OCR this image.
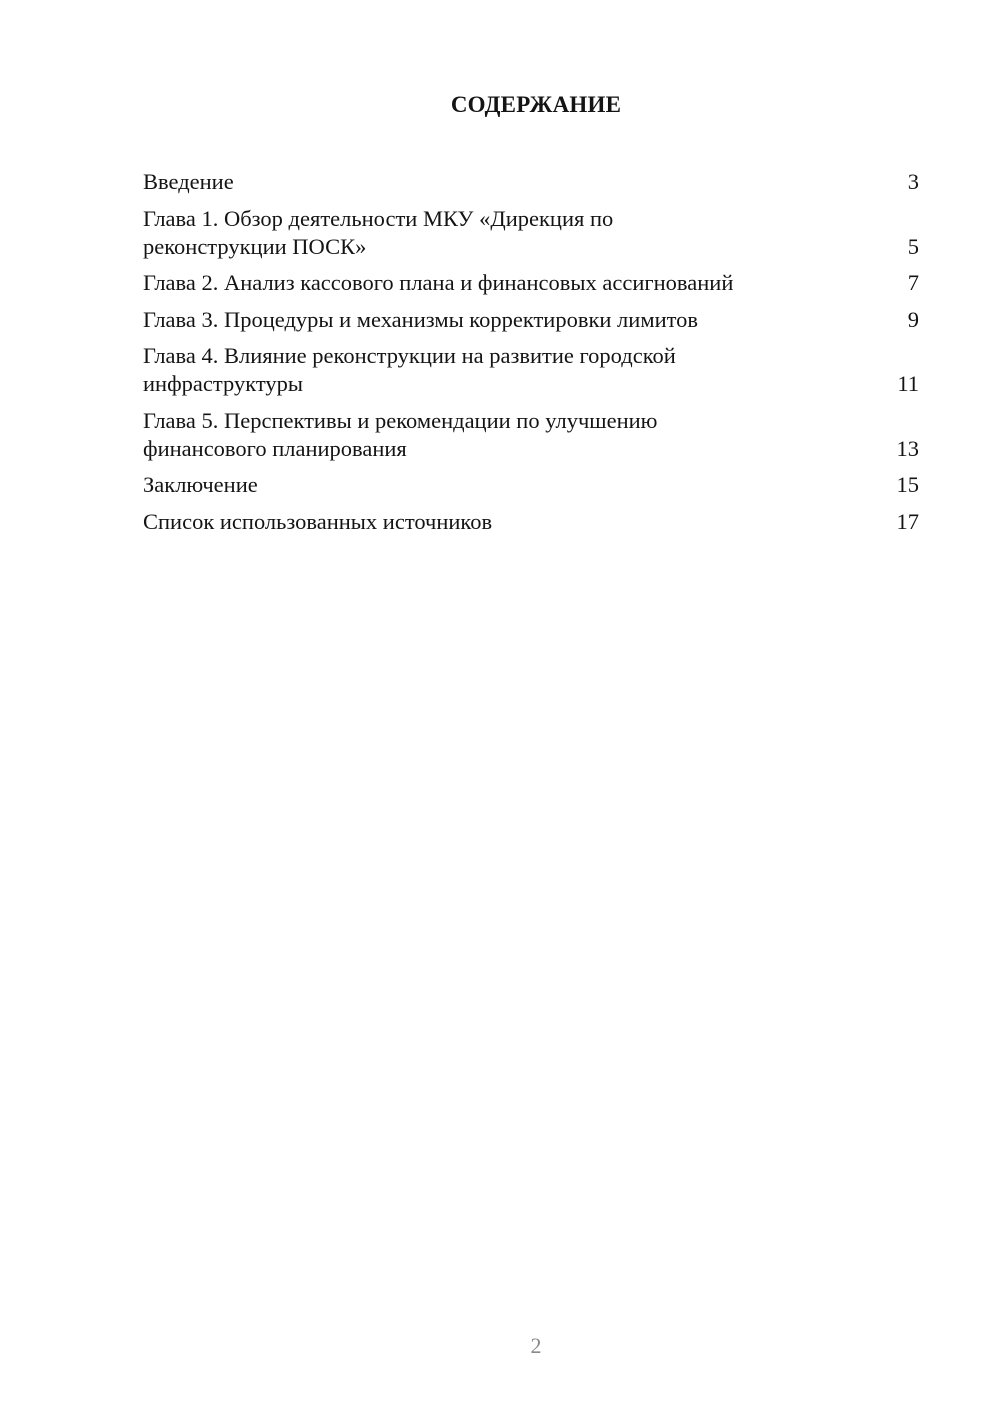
СОДЕРЖАНИЕ
Введение	3
Глава 1. Обзор деятельности МКУ «Дирекция по
реконструкции ПОСК»	5
Глава 2. Анализ кассового плана и финансовых ассигнований	7
Глава 3. Процедуры и механизмы корректировки лимитов	9
Глава 4. Влияние реконструкции на развитие городской
инфраструктуры	11
Глава 5. Перспективы и рекомендации по улучшению
финансового планирования	13
Заключение	15
Список использованных источников	17
2
